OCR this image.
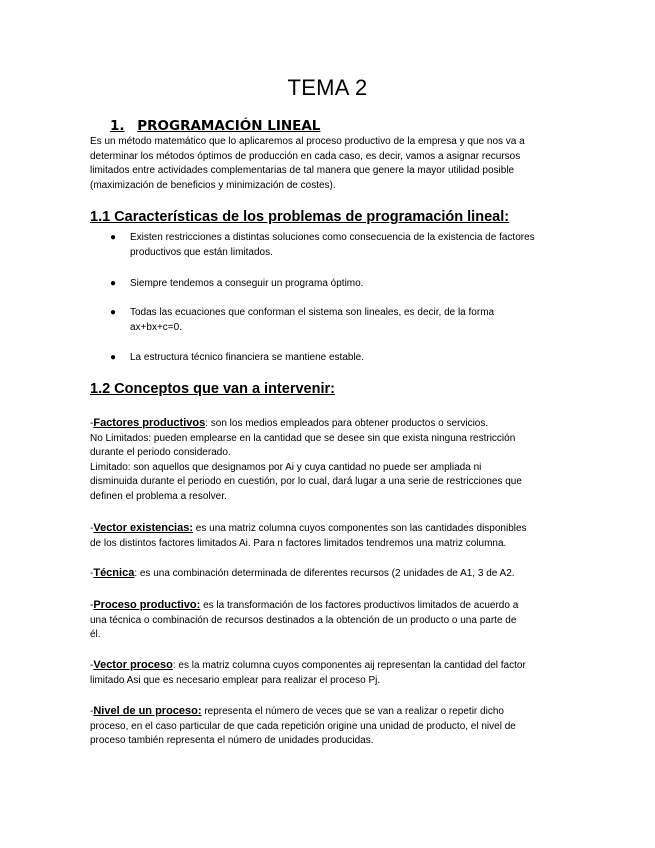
TEMA 2
1. PROGRAMACIÓN LINEAL
Es un método matemático que lo aplicaremos al proceso productivo de la empresa y que nos va a
determinar los métodos óptimos de producción en cada caso, es decir, vamos a asignar recursos
limitados entre actividades complementarias de tal manera que genere la mayor utilidad posible
(maximización de beneficios y minimización de costes).
1.1 Características de los problemas de programación lineal:
● Existen restricciones a distintas soluciones como consecuencia de la existencia de factores
productivos que están limitados.
● Siempre tendemos a conseguir un programa óptimo.
● Todas las ecuaciones que conforman el sistema son lineales, es decir, de la forma
ax+bx+c=0.
● La estructura técnico financiera se mantiene estable.
1.2 Conceptos que van a intervenir:
-Factores productivos: son los medios empleados para obtener productos o servicios.
No Limitados: pueden emplearse en la cantidad que se desee sin que exista ninguna restricción
durante el periodo considerado.
Limitado: son aquellos que designamos por Ai y cuya cantidad no puede ser ampliada ni
disminuida durante el periodo en cuestión, por lo cual, dará lugar a una serie de restricciones que
definen el problema a resolver.
-Vector existencias: es una matriz columna cuyos componentes son las cantidades disponibles
de los distintos factores limitados Ai. Para n factores limitados tendremos una matriz columna.
-Técnica: es una combinación determinada de diferentes recursos (2 unidades de A1, 3 de A2.
-Proceso productivo: es la transformación de los factores productivos limitados de acuerdo a
una técnica o combinación de recursos destinados a la obtención de un producto o una parte de
él.
-Vector proceso: es la matriz columna cuyos componentes aij representan la cantidad del factor
limitado Asi que es necesario emplear para realizar el proceso Pj.
-Nivel de un proceso: representa el número de veces que se van a realizar o repetir dicho
proceso, en el caso particular de que cada repetición origine una unidad de producto, el nivel de
proceso también representa el número de unidades producidas.
